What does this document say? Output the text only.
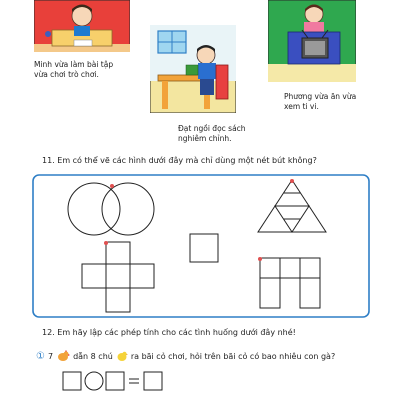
Minh vừa làm bài tập
vừa chơi trò chơi.
Đạt ngồi đọc sách
nghiêm chỉnh.
Phương vừa ăn vừa
xem ti vi.
11. Em có thể vẽ các hình dưới đây mà chỉ dùng một nét bút không?
12. Em hãy lập các phép tính cho các tình huống dưới đây nhé!
① 7	dẫn 8 chú ra bãi cỏ chơi, hỏi trên bãi cỏ có bao nhiêu con gà?
